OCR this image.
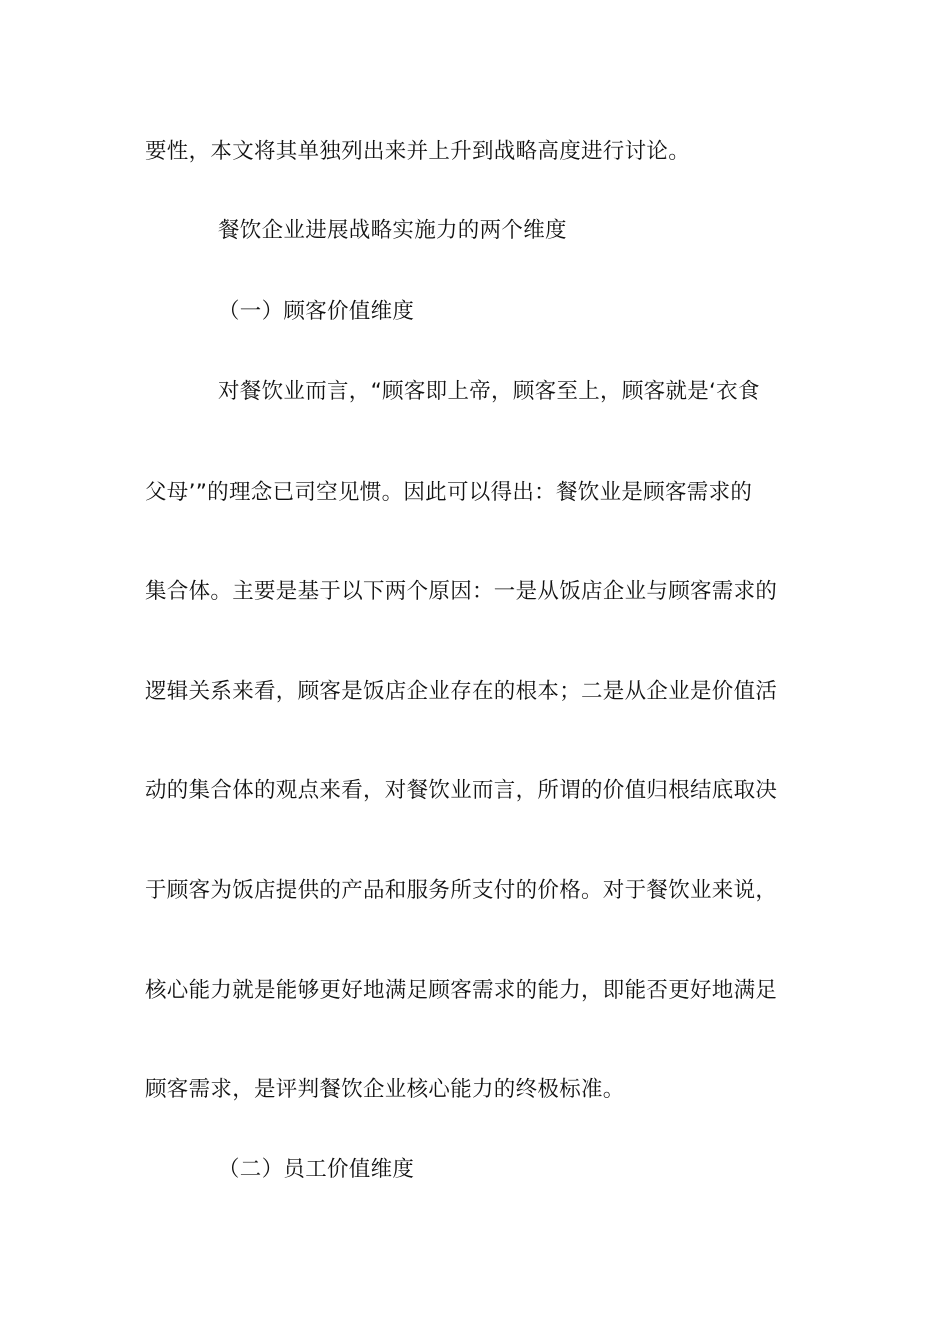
要性，本文将其单独列出来并上升到战略高度进行讨论。
餐饮企业进展战略实施力的两个维度
（一）顾客价值维度
对餐饮业而言，“顾客即上帝，顾客至上，顾客就是‘衣食
父母’”的理念已司空见惯。因此可以得出：餐饮业是顾客需求的
集合体。主要是基于以下两个原因：一是从饭店企业与顾客需求的
逻辑关系来看，顾客是饭店企业存在的根本；二是从企业是价值活
动的集合体的观点来看，对餐饮业而言，所谓的价值归根结底取决
于顾客为饭店提供的产品和服务所支付的价格。对于餐饮业来说，
核心能力就是能够更好地满足顾客需求的能力，即能否更好地满足
顾客需求，是评判餐饮企业核心能力的终极标准。
（二）员工价值维度
